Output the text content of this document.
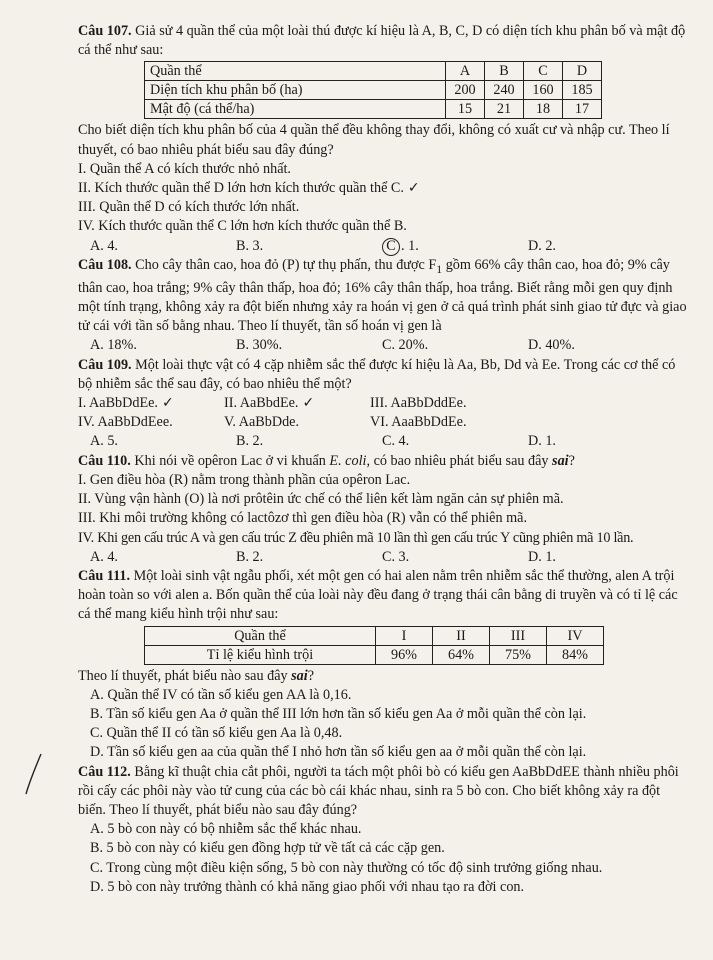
Câu 107. Giả sử 4 quần thể của một loài thú được kí hiệu là A, B, C, D có diện tích khu phân bố và mật độ cá thể như sau:

Quần thể	A	B	C	D
Diện tích khu phân bố (ha)	200	240	160	185
Mật độ (cá thể/ha)	15	21	18	17

Cho biết diện tích khu phân bố của 4 quần thể đều không thay đổi, không có xuất cư và nhập cư. Theo lí thuyết, có bao nhiêu phát biểu sau đây đúng?

I. Quần thể A có kích thước nhỏ nhất.

II. Kích thước quần thể D lớn hơn kích thước quần thể C. ✓

III. Quần thể D có kích thước lớn nhất.

IV. Kích thước quần thể C lớn hơn kích thước quần thể B.

A. 4.	B. 3.	C . 1.	D. 2.

Câu 108. Cho cây thân cao, hoa đỏ (P) tự thụ phấn, thu được $F_1$ gồm 66% cây thân cao, hoa đỏ; 9% cây thân cao, hoa trắng; 9% cây thân thấp, hoa đỏ; 16% cây thân thấp, hoa trắng. Biết rằng mỗi gen quy định một tính trạng, không xảy ra đột biến nhưng xảy ra hoán vị gen ở cả quá trình phát sinh giao tử đực và giao tử cái với tần số bằng nhau. Theo lí thuyết, tần số hoán vị gen là

A. 18%.	B. 30%.	C. 20%.	D. 40%.

Câu 109. Một loài thực vật có 4 cặp nhiễm sắc thể được kí hiệu là Aa, Bb, Dd và Ee. Trong các cơ thể có bộ nhiễm sắc thể sau đây, có bao nhiêu thể một?

I. AaBbDdEe. ✓	II. AaBbdEe. ✓	III. AaBbDddEe.
IV. AaBbDdEee.	V. AaBbDde.	VI. AaaBbDdEe.
A. 5.	B. 2.	C. 4.	D. 1.

Câu 110. Khi nói về opêron Lac ở vi khuẩn E. coli, có bao nhiêu phát biểu sau đây sai?

I. Gen điều hòa (R) nằm trong thành phần của opêron Lac.

II. Vùng vận hành (O) là nơi prôtêin ức chế có thể liên kết làm ngăn cản sự phiên mã.

III. Khi môi trường không có lactôzơ thì gen điều hòa (R) vẫn có thể phiên mã.

IV. Khi gen cấu trúc A và gen cấu trúc Z đều phiên mã 10 lần thì gen cấu trúc Y cũng phiên mã 10 lần.

A. 4.	B. 2.	C. 3.	D. 1.

Câu 111. Một loài sinh vật ngẫu phối, xét một gen có hai alen nằm trên nhiễm sắc thể thường, alen A trội hoàn toàn so với alen a. Bốn quần thể của loài này đều đang ở trạng thái cân bằng di truyền và có tỉ lệ các cá thể mang kiểu hình trội như sau:

Quần thể	I	II	III	IV
Tỉ lệ kiểu hình trội	96%	64%	75%	84%

Theo lí thuyết, phát biểu nào sau đây sai?

A. Quần thể IV có tần số kiểu gen AA là 0,16.

B. Tần số kiểu gen Aa ở quần thể III lớn hơn tần số kiểu gen Aa ở mỗi quần thể còn lại.

C. Quần thể II có tần số kiểu gen Aa là 0,48.

D. Tần số kiểu gen aa của quần thể I nhỏ hơn tần số kiểu gen aa ở mỗi quần thể còn lại.

Câu 112. Bằng kĩ thuật chia cắt phôi, người ta tách một phôi bò có kiểu gen AaBbDdEE thành nhiều phôi rồi cấy các phôi này vào tử cung của các bò cái khác nhau, sinh ra 5 bò con. Cho biết không xảy ra đột biến. Theo lí thuyết, phát biểu nào sau đây đúng?

A. 5 bò con này có bộ nhiễm sắc thể khác nhau.

B. 5 bò con này có kiểu gen đồng hợp tử về tất cả các cặp gen.

C. Trong cùng một điều kiện sống, 5 bò con này thường có tốc độ sinh trưởng giống nhau.

D. 5 bò con này trưởng thành có khả năng giao phối với nhau tạo ra đời con.
